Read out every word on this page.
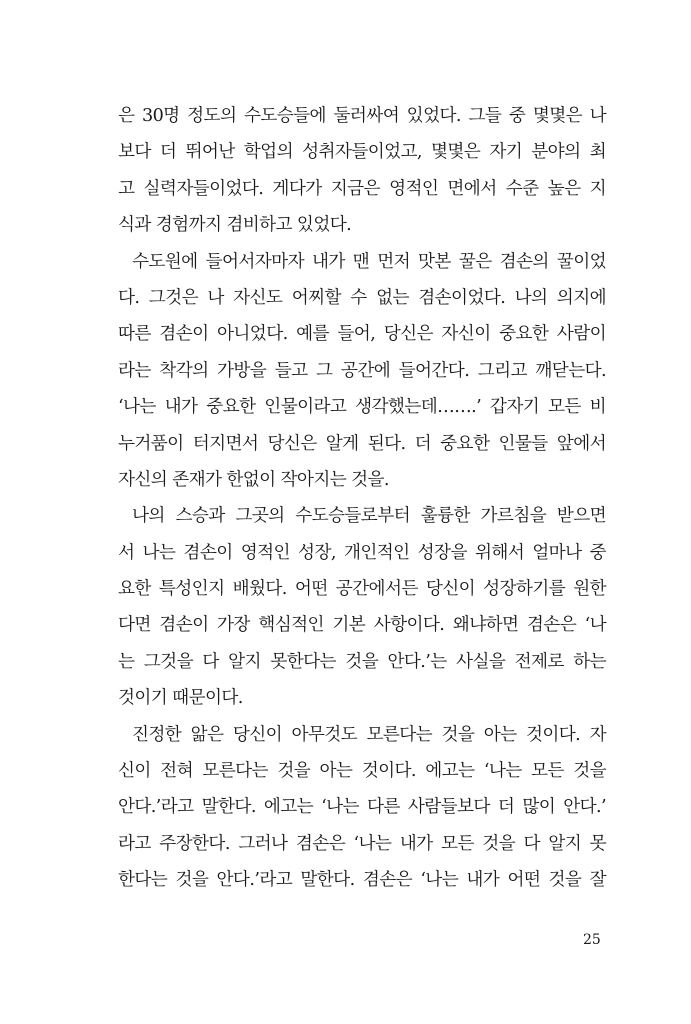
은 30명 정도의 수도승들에 둘러싸여 있었다. 그들 중 몇몇은 나
보다 더 뛰어난 학업의 성취자들이었고, 몇몇은 자기 분야의 최
고 실력자들이었다. 게다가 지금은 영적인 면에서 수준 높은 지
식과 경험까지 겸비하고 있었다.
수도원에 들어서자마자 내가 맨 먼저 맛본 꿀은 겸손의 꿀이었
다. 그것은 나 자신도 어찌할 수 없는 겸손이었다. 나의 의지에
따른 겸손이 아니었다. 예를 들어, 당신은 자신이 중요한 사람이
라는 착각의 가방을 들고 그 공간에 들어간다. 그리고 깨닫는다.
‘나는 내가 중요한 인물이라고 생각했는데…….’ 갑자기 모든 비
누거품이 터지면서 당신은 알게 된다. 더 중요한 인물들 앞에서
자신의 존재가 한없이 작아지는 것을.
나의 스승과 그곳의 수도승들로부터 훌륭한 가르침을 받으면
서 나는 겸손이 영적인 성장, 개인적인 성장을 위해서 얼마나 중
요한 특성인지 배웠다. 어떤 공간에서든 당신이 성장하기를 원한
다면 겸손이 가장 핵심적인 기본 사항이다. 왜냐하면 겸손은 ‘나
는 그것을 다 알지 못한다는 것을 안다.’는 사실을 전제로 하는
것이기 때문이다.
진정한 앎은 당신이 아무것도 모른다는 것을 아는 것이다. 자
신이 전혀 모른다는 것을 아는 것이다. 에고는 ‘나는 모든 것을
안다.’라고 말한다. 에고는 ‘나는 다른 사람들보다 더 많이 안다.’
라고 주장한다. 그러나 겸손은 ‘나는 내가 모든 것을 다 알지 못
한다는 것을 안다.’라고 말한다. 겸손은 ‘나는 내가 어떤 것을 잘
25
